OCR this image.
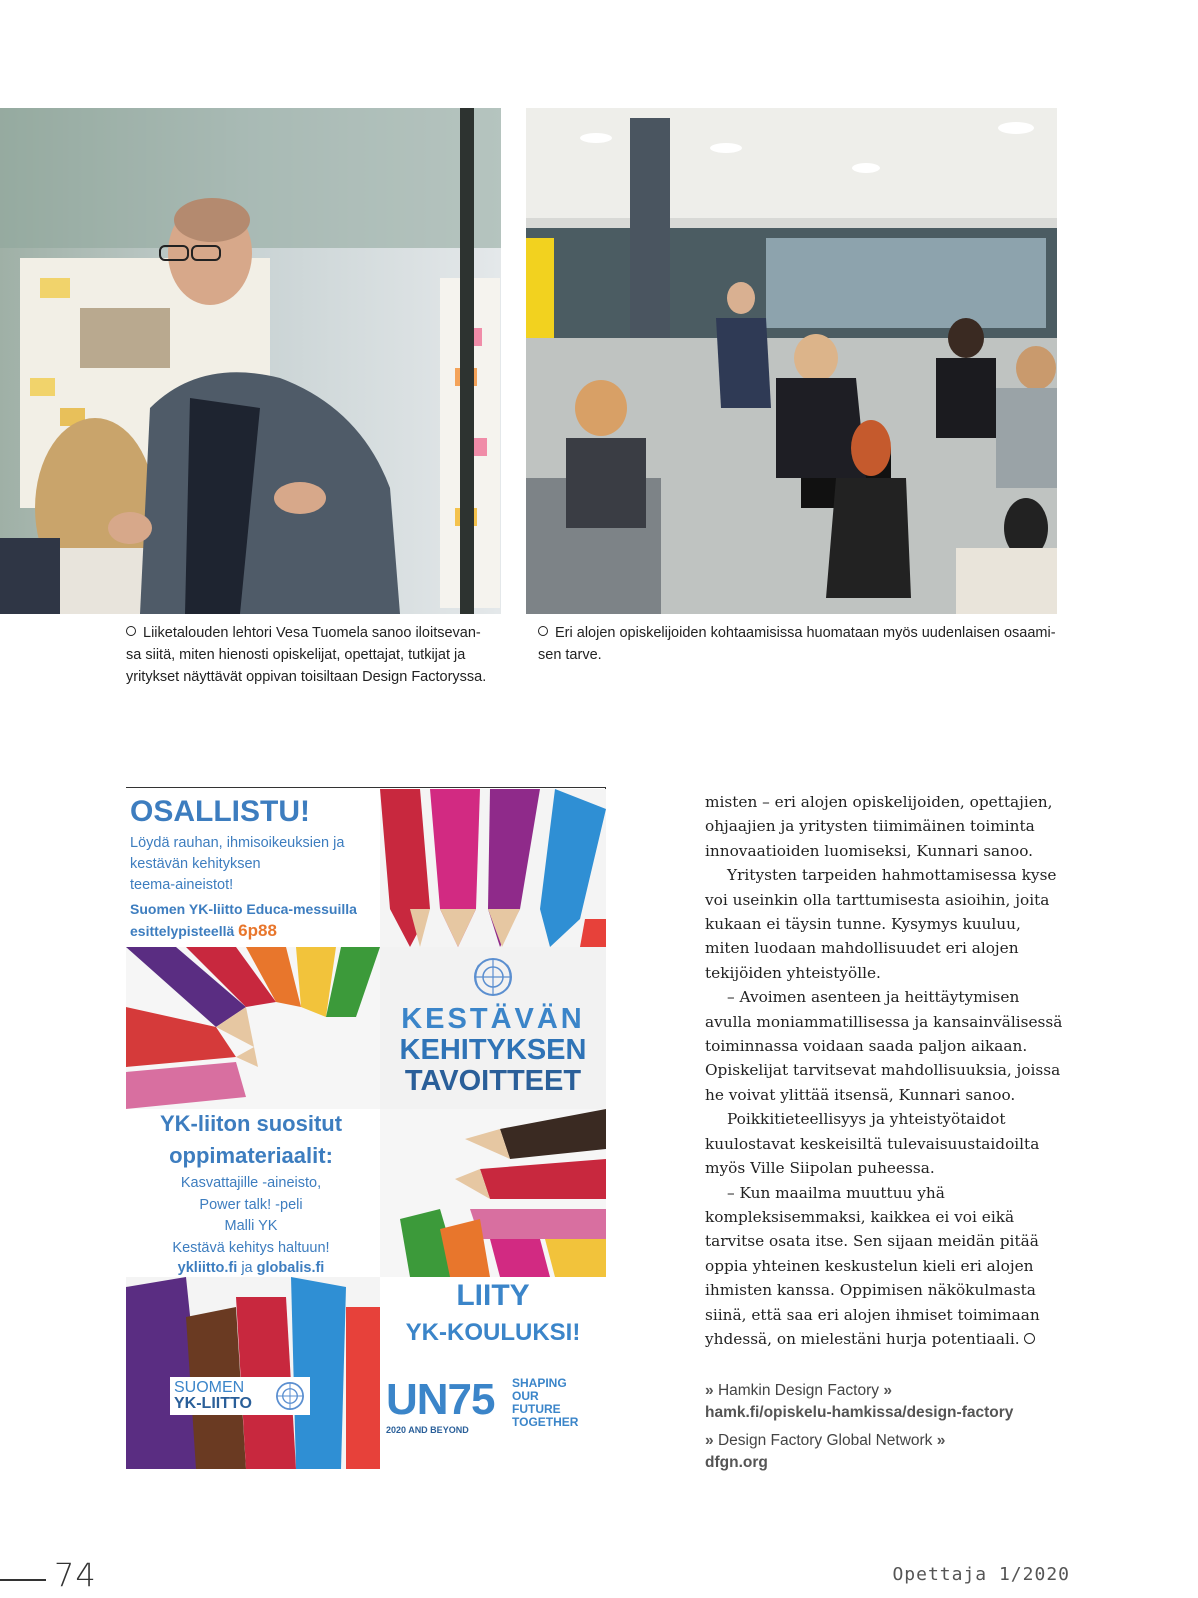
Liiketalouden lehtori Vesa Tuomela sanoo iloitsevan-
sa siitä, miten hienosti opiskelijat, opettajat, tutkijat ja
yritykset näyttävät oppivan toisiltaan Design Factoryssa.
Eri alojen opiskelijoiden kohtaamisissa huomataan myös uudenlaisen osaami-
sen tarve.
OSALLISTU!
Löydä rauhan, ihmisoikeuksien ja
kestävän kehityksen
teema-aineistot!
Suomen YK-liitto Educa-messuilla
esittelypisteellä 6p88
KESTÄVÄN
KEHITYKSEN
TAVOITTEET
YK-liiton suositut
oppimateriaalit:
Kasvattajille -aineisto,
Power talk! -peli
Malli YK
Kestävä kehitys haltuun!
ykliitto.fi ja globalis.fi
SUOMEN
YK-LIITTO
LIITY
YK-KOULUKSI!
UN75
2020 AND BEYOND
SHAPING
OUR
FUTURE
TOGETHER

misten – eri alojen opiskelijoiden, opettajien, ohjaajien ja yritysten tiimimäinen toiminta innovaatioiden luomiseksi, Kunnari sanoo.

Yritysten tarpeiden hahmottamisessa kyse voi useinkin olla tarttumisesta asioihin, joita kukaan ei täysin tunne. Kysymys kuuluu, miten luodaan mahdollisuudet eri alojen tekijöiden yhteistyölle.

– Avoimen asenteen ja heittäytymisen avulla moniammatillisessa ja kansainvälisessä toiminnassa voidaan saada paljon aikaan. Opiskelijat tarvitsevat mahdollisuuksia, joissa he voivat ylittää itsensä, Kunnari sanoo.

Poikkitieteellisyys ja yhteistyötaidot kuulostavat keskeisiltä tulevaisuustaidoilta myös Ville Siipolan puheessa.

– Kun maailma muuttuu yhä kompleksisemmaksi, kaikkea ei voi eikä tarvitse osata itse. Sen sijaan meidän pitää oppia yhteinen keskustelun kieli eri alojen ihmisten kanssa. Oppimisen näkökulmasta siinä, että saa eri alojen ihmiset toimimaan yhdessä, on mielestäni hurja potentiaali.

» Hamkin Design Factory »
hamk.fi/opiskelu-hamkissa/design-factory
» Design Factory Global Network »
dfgn.org
74	Opettaja 1/2020
